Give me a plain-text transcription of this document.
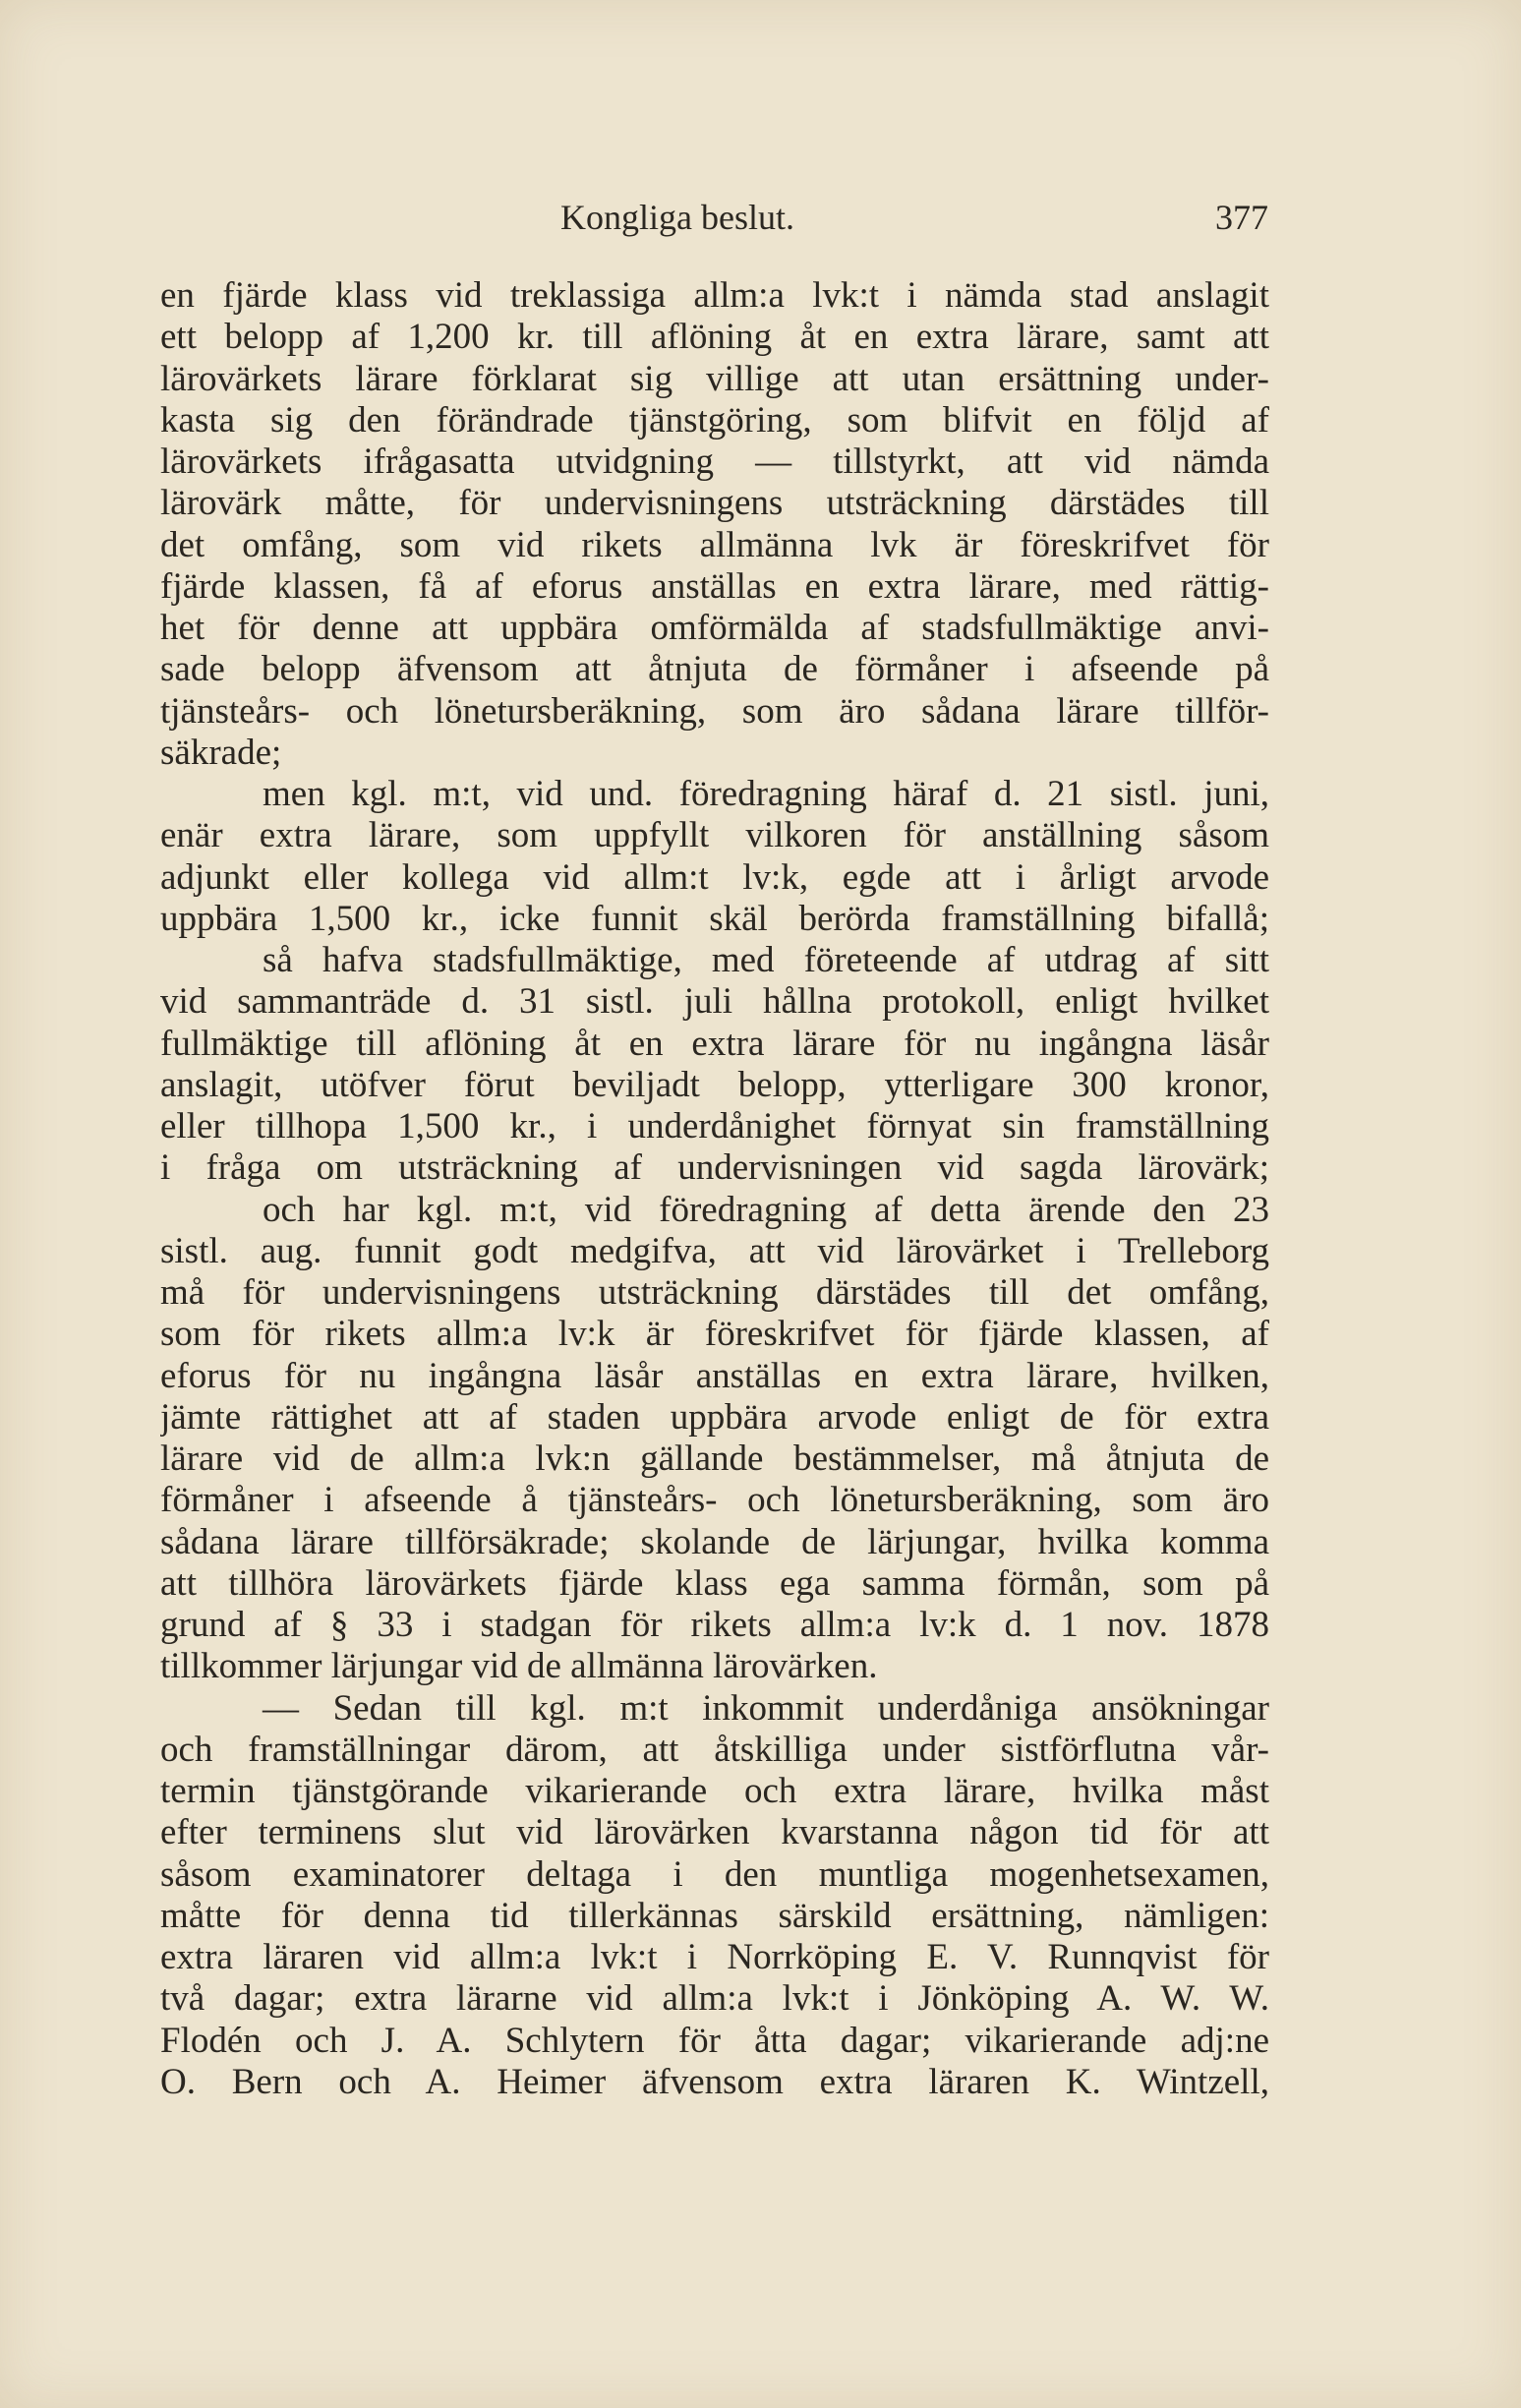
Kongliga beslut.	377
en fjärde klass vid treklassiga allm:a lvk:t i nämda stad anslagit
ett belopp af 1,200 kr. till aflöning åt en extra lärare, samt att
lärovärkets lärare förklarat sig villige att utan ersättning under-
kasta sig den förändrade tjänstgöring, som blifvit en följd af
lärovärkets ifrågasatta utvidgning — tillstyrkt, att vid nämda
lärovärk måtte, för undervisningens utsträckning därstädes till
det omfång, som vid rikets allmänna lvk är föreskrifvet för
fjärde klassen, få af eforus anställas en extra lärare, med rättig-
het för denne att uppbära omförmälda af stadsfullmäktige anvi-
sade belopp äfvensom att åtnjuta de förmåner i afseende på
tjänsteårs- och lönetursberäkning, som äro sådana lärare tillför-
säkrade;
men kgl. m:t, vid und. föredragning häraf d. 21 sistl. juni,
enär extra lärare, som uppfyllt vilkoren för anställning såsom
adjunkt eller kollega vid allm:t lv:k, egde att i årligt arvode
uppbära 1,500 kr., icke funnit skäl berörda framställning bifallå;
så hafva stadsfullmäktige, med företeende af utdrag af sitt
vid sammanträde d. 31 sistl. juli hållna protokoll, enligt hvilket
fullmäktige till aflöning åt en extra lärare för nu ingångna läsår
anslagit, utöfver förut beviljadt belopp, ytterligare 300 kronor,
eller tillhopa 1,500 kr., i underdånighet förnyat sin framställning
i fråga om utsträckning af undervisningen vid sagda lärovärk;
och har kgl. m:t, vid föredragning af detta ärende den 23
sistl. aug. funnit godt medgifva, att vid lärovärket i Trelleborg
må för undervisningens utsträckning därstädes till det omfång,
som för rikets allm:a lv:k är föreskrifvet för fjärde klassen, af
eforus för nu ingångna läsår anställas en extra lärare, hvilken,
jämte rättighet att af staden uppbära arvode enligt de för extra
lärare vid de allm:a lvk:n gällande bestämmelser, må åtnjuta de
förmåner i afseende å tjänsteårs- och lönetursberäkning, som äro
sådana lärare tillförsäkrade; skolande de lärjungar, hvilka komma
att tillhöra lärovärkets fjärde klass ega samma förmån, som på
grund af § 33 i stadgan för rikets allm:a lv:k d. 1 nov. 1878
tillkommer lärjungar vid de allmänna lärovärken.
— Sedan till kgl. m:t inkommit underdåniga ansökningar
och framställningar därom, att åtskilliga under sistförflutna vår-
termin tjänstgörande vikarierande och extra lärare, hvilka måst
efter terminens slut vid lärovärken kvarstanna någon tid för att
såsom examinatorer deltaga i den muntliga mogenhetsexamen,
måtte för denna tid tillerkännas särskild ersättning, nämligen:
extra läraren vid allm:a lvk:t i Norrköping E. V. Runnqvist för
två dagar; extra lärarne vid allm:a lvk:t i Jönköping A. W. W.
Flodén och J. A. Schlytern för åtta dagar; vikarierande adj:ne
O. Bern och A. Heimer äfvensom extra läraren K. Wintzell,
